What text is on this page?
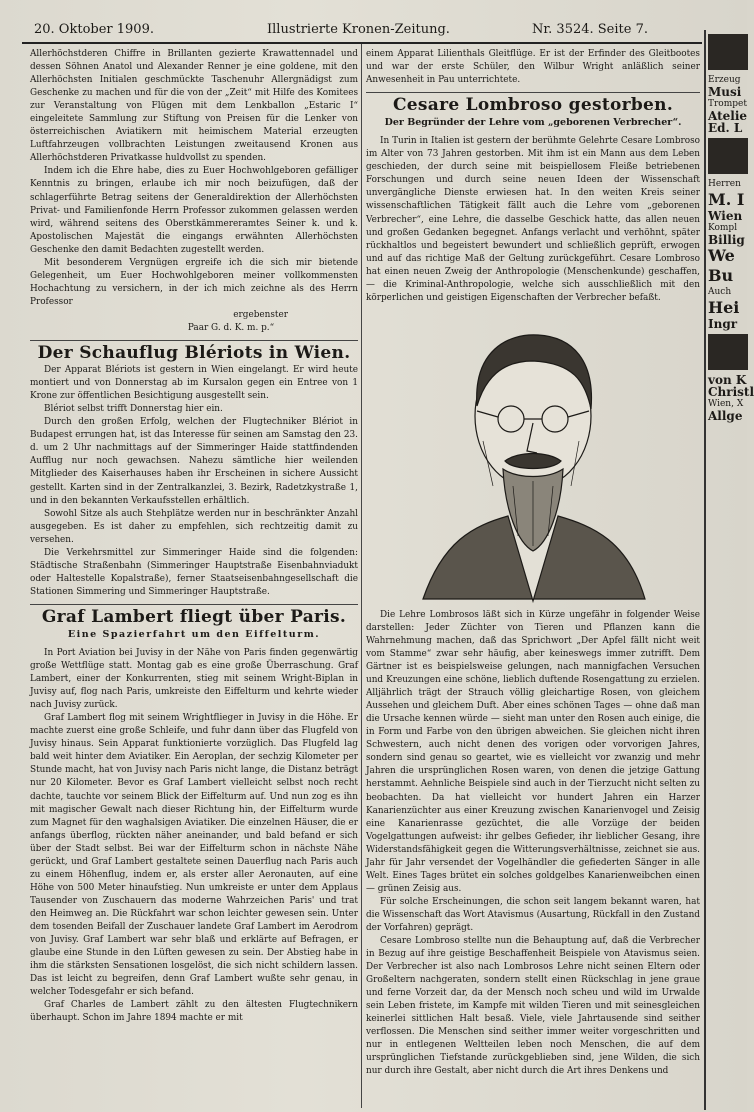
20. Oktober 1909.	Illustrierte Kronen-Zeitung.	Nr. 3524. Seite 7.

Allerhöchstderen Chiffre in Brillanten gezierte Krawattennadel und dessen Söhnen Anatol und Alexander Renner je eine goldene, mit den Allerhöchsten Initialen geschmückte Taschenuhr Allergnädigst zum Geschenke zu machen und für die von der „Zeit“ mit Hilfe des Komitees zur Veranstaltung von Flügen mit dem Lenkballon „Estaric I“ eingeleitete Sammlung zur Stiftung von Preisen für die Lenker von österreichischen Aviatikern mit heimischem Material erzeugten Luftfahrzeugen vollbrachten Leistungen zweitausend Kronen aus Allerhöchstderen Privatkasse huldvollst zu spenden.

Indem ich die Ehre habe, dies zu Euer Hochwohlgeboren gefälliger Kenntnis zu bringen, erlaube ich mir noch beizufügen, daß der schlagerführte Betrag seitens der Generaldirektion der Allerhöchsten Privat- und Familienfonde Herrn Professor zukommen gelassen werden wird, während seitens des Oberstkämmereramtes Seiner k. und k. Apostolischen Majestät die eingangs erwähnten Allerhöchsten Geschenke den damit Bedachten zugestellt werden.

Mit besonderem Vergnügen ergreife ich die sich mir bietende Gelegenheit, um Euer Hochwohlgeboren meiner vollkommensten Hochachtung zu versichern, in der ich mich zeichne als des Herrn Professor

ergebenster

Paar G. d. K. m. p.“

Der Schauflug Blériots in Wien.

Der Apparat Blériots ist gestern in Wien eingelangt. Er wird heute montiert und von Donnerstag ab im Kursalon gegen ein Entree von 1 Krone zur öffentlichen Besichtigung ausgestellt sein.

Blériot selbst trifft Donnerstag hier ein.

Durch den großen Erfolg, welchen der Flugtechniker Blériot in Budapest errungen hat, ist das Interesse für seinen am Samstag den 23. d. um 2 Uhr nachmittags auf der Simmeringer Haide stattfindenden Aufflug nur noch gewachsen. Nahezu sämtliche hier weilenden Mitglieder des Kaiserhauses haben ihr Erscheinen in sichere Aussicht gestellt. Karten sind in der Zentralkanzlei, 3. Bezirk, Radetzkystraße 1, und in den bekannten Verkaufsstellen erhältlich.

Sowohl Sitze als auch Stehplätze werden nur in beschränkter Anzahl ausgegeben. Es ist daher zu empfehlen, sich rechtzeitig damit zu versehen.

Die Verkehrsmittel zur Simmeringer Haide sind die folgenden: Städtische Straßenbahn (Simmeringer Hauptstraße Eisenbahnviadukt oder Haltestelle Kopalstraße), ferner Staatseisenbahngesellschaft die Stationen Simmering und Simmeringer Hauptstraße.

Graf Lambert fliegt über Paris.
Eine Spazierfahrt um den Eiffelturm.

In Port Aviation bei Juvisy in der Nähe von Paris finden gegenwärtig große Wettflüge statt. Montag gab es eine große Überraschung. Graf Lambert, einer der Konkurrenten, stieg mit seinem Wright-Biplan in Juvisy auf, flog nach Paris, umkreiste den Eiffelturm und kehrte wieder nach Juvisy zurück.

Graf Lambert flog mit seinem Wrightflieger in Juvisy in die Höhe. Er machte zuerst eine große Schleife, und fuhr dann über das Flugfeld von Juvisy hinaus. Sein Apparat funktionierte vorzüglich. Das Flugfeld lag bald weit hinter dem Aviatiker. Ein Aeroplan, der sechzig Kilometer per Stunde macht, hat von Juvisy nach Paris nicht lange, die Distanz beträgt nur 20 Kilometer. Bevor es Graf Lambert vielleicht selbst noch recht dachte, tauchte vor seinem Blick der Eiffelturm auf. Und nun zog es ihn mit magischer Gewalt nach dieser Richtung hin, der Eiffelturm wurde zum Magnet für den waghalsigen Aviatiker. Die einzelnen Häuser, die er anfangs überflog, rückten näher aneinander, und bald befand er sich über der Stadt selbst. Bei war der Eiffelturm schon in nächste Nähe gerückt, und Graf Lambert gestaltete seinen Dauerflug nach Paris auch zu einem Höhenflug, indem er, als erster aller Aeronauten, auf eine Höhe von 500 Meter hinaufstieg. Nun umkreiste er unter dem Applaus Tausender von Zuschauern das moderne Wahrzeichen Paris' und trat den Heimweg an. Die Rückfahrt war schon leichter gewesen sein. Unter dem tosenden Beifall der Zuschauer landete Graf Lambert im Aerodrom von Juvisy. Graf Lambert war sehr blaß und erklärte auf Befragen, er glaube eine Stunde in den Lüften gewesen zu sein. Der Abstieg habe in ihm die stärksten Sensationen losgelöst, die sich nicht schildern lassen. Das ist leicht zu begreifen, denn Graf Lambert wußte sehr genau, in welcher Todesgefahr er sich befand.

Graf Charles de Lambert zählt zu den ältesten Flugtechnikern überhaupt. Schon im Jahre 1894 machte er mit

einem Apparat Lilienthals Gleitflüge. Er ist der Erfinder des Gleitbootes und war der erste Schüler, den Wilbur Wright anläßlich seiner Anwesenheit in Pau unterrichtete.

Cesare Lombroso gestorben.
Der Begründer der Lehre vom „geborenen Verbrecher“.

In Turin in Italien ist gestern der berühmte Gelehrte Cesare Lombroso im Alter von 73 Jahren gestorben. Mit ihm ist ein Mann aus dem Leben geschieden, der durch seine mit beispiellosem Fleiße betriebenen Forschungen und durch seine neuen Ideen der Wissenschaft unvergängliche Dienste erwiesen hat. In den weiten Kreis seiner wissenschaftlichen Tätigkeit fällt auch die Lehre vom „geborenen Verbrecher“, eine Lehre, die dasselbe Geschick hatte, das allen neuen und großen Gedanken begegnet. Anfangs verlacht und verhöhnt, später rückhaltlos und begeistert bewundert und schließlich geprüft, erwogen und auf das richtige Maß der Geltung zurückgeführt. Cesare Lombroso hat einen neuen Zweig der Anthropologie (Menschenkunde) geschaffen, — die Kriminal-Anthropologie, welche sich ausschließlich mit den körperlichen und geistigen Eigenschaften der Verbrecher befaßt.

Die Lehre Lombrosos läßt sich in Kürze ungefähr in folgender Weise darstellen: Jeder Züchter von Tieren und Pflanzen kann die Wahrnehmung machen, daß das Sprichwort „Der Apfel fällt nicht weit vom Stamme“ zwar sehr häufig, aber keineswegs immer zutrifft. Dem Gärtner ist es beispielsweise gelungen, nach mannigfachen Versuchen und Kreuzungen eine schöne, lieblich duftende Rosengattung zu erzielen. Alljährlich trägt der Strauch völlig gleichartige Rosen, von gleichem Aussehen und gleichem Duft. Aber eines schönen Tages — ohne daß man die Ursache kennen würde — sieht man unter den Rosen auch einige, die in Form und Farbe von den übrigen abweichen. Sie gleichen nicht ihren Schwestern, auch nicht denen des vorigen oder vorvorigen Jahres, sondern sind genau so geartet, wie es vielleicht vor zwanzig und mehr Jahren die ursprünglichen Rosen waren, von denen die jetzige Gattung herstammt. Aehnliche Beispiele sind auch in der Tierzucht nicht selten zu beobachten. Da hat vielleicht vor hundert Jahren ein Harzer Kanarienzüchter aus einer Kreuzung zwischen Kanarienvogel und Zeisig eine Kanarienrasse gezüchtet, die alle Vorzüge der beiden Vogelgattungen aufweist: ihr gelbes Gefieder, ihr lieblicher Gesang, ihre Widerstandsfähigkeit gegen die Witterungsverhältnisse, zeichnet sie aus. Jahr für Jahr versendet der Vogelhändler die gefiederten Sänger in alle Welt. Eines Tages brütet ein solches goldgelbes Kanarienweibchen einen — grünen Zeisig aus.

Für solche Erscheinungen, die schon seit langem bekannt waren, hat die Wissenschaft das Wort Atavismus (Ausartung, Rückfall in den Zustand der Vorfahren) geprägt.

Cesare Lombroso stellte nun die Behauptung auf, daß die Verbrecher in Bezug auf ihre geistige Beschaffenheit Beispiele von Atavismus seien. Der Verbrecher ist also nach Lombrosos Lehre nicht seinen Eltern oder Großeltern nachgeraten, sondern stellt einen Rückschlag in jene graue und ferne Vorzeit dar, da der Mensch noch scheu und wild im Urwalde sein Leben fristete, im Kampfe mit wilden Tieren und mit seinesgleichen keinerlei sittlichen Halt besaß. Viele, viele Jahrtausende sind seither verflossen. Die Menschen sind seither immer weiter vorgeschritten und nur in entlegenen Weltteilen leben noch Menschen, die auf dem ursprünglichen Tiefstande zurückgeblieben sind, jene Wilden, die sich nur durch ihre Gestalt, aber nicht durch die Art ihres Denkens und

Erzeug
Musi
Trompet
Atelie
Ed. L
Herren
M. I
Wien
Kompl
Billig
We
Bu
Auch
Hei
Ingr
von K
Christl
Wien, X
Allge
